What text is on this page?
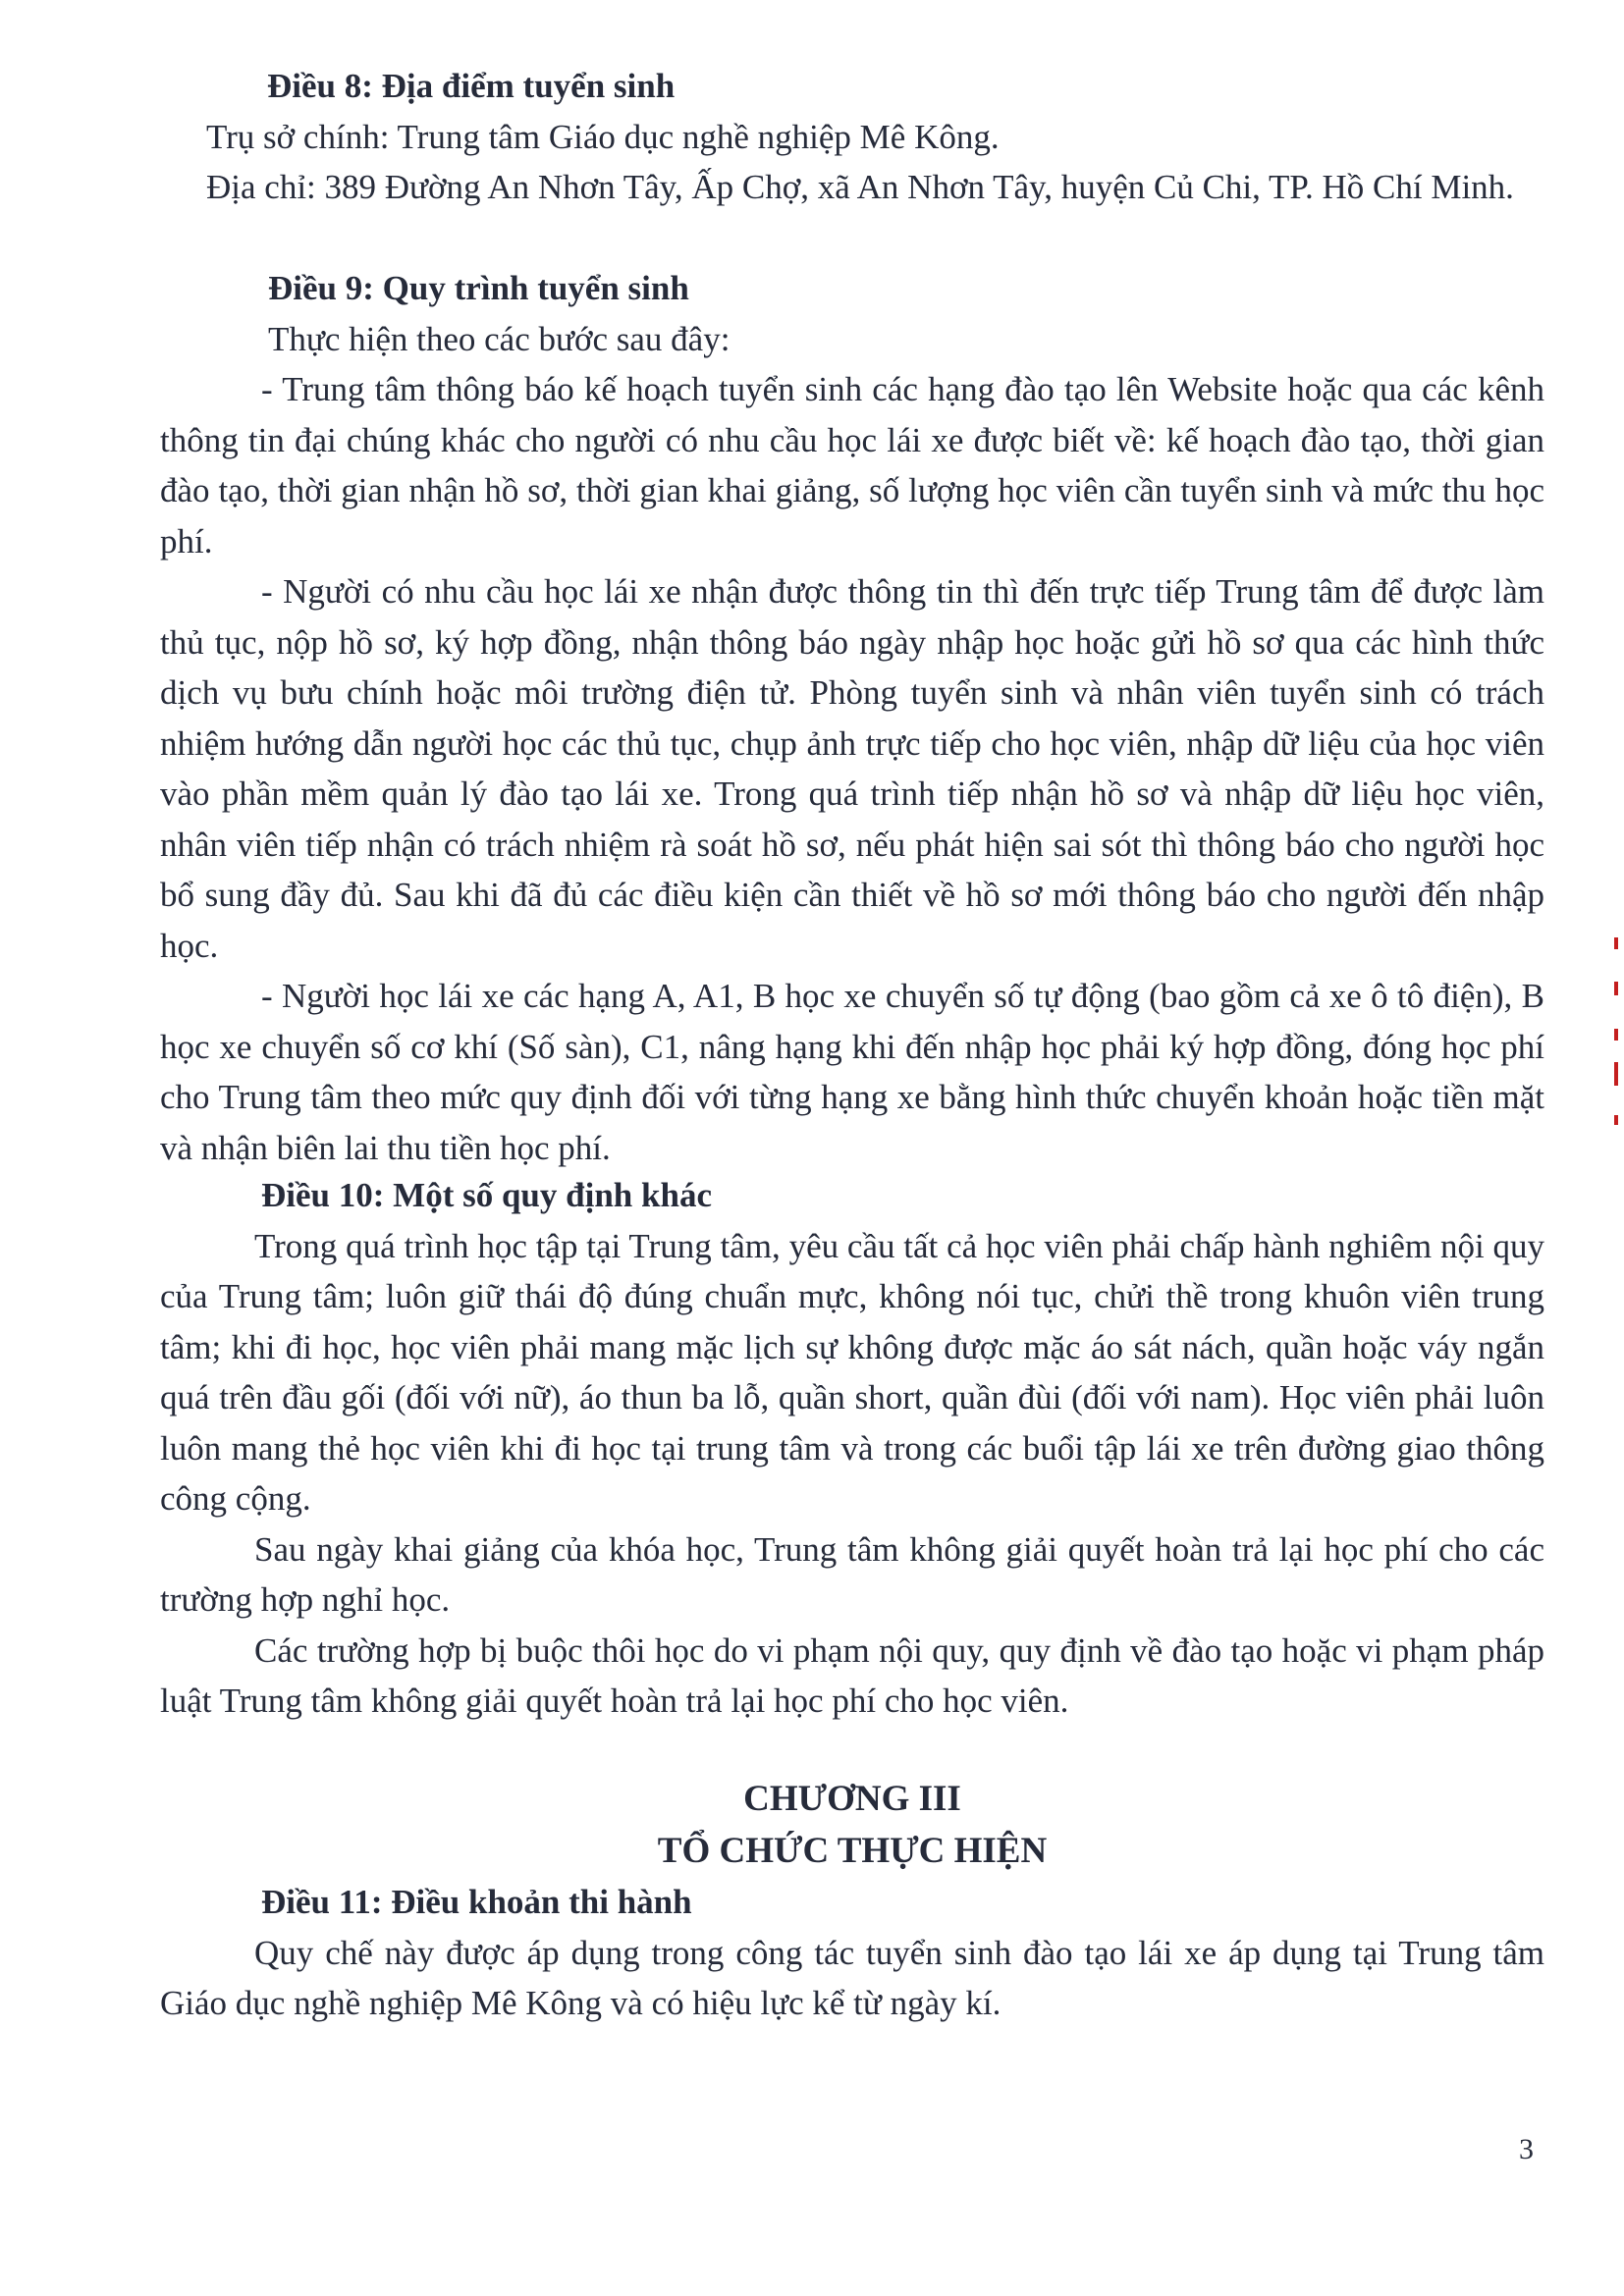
Điều 8: Địa điểm tuyển sinh

Trụ sở chính: Trung tâm Giáo dục nghề nghiệp Mê Kông.

Địa chỉ: 389 Đường An Nhơn Tây, Ấp Chợ, xã An Nhơn Tây, huyện Củ Chi, TP. Hồ Chí Minh.

Điều 9: Quy trình tuyển sinh

Thực hiện theo các bước sau đây:

- Trung tâm thông báo kế hoạch tuyển sinh các hạng đào tạo lên Website hoặc qua các kênh thông tin đại chúng khác cho người có nhu cầu học lái xe được biết về: kế hoạch đào tạo, thời gian đào tạo, thời gian nhận hồ sơ, thời gian khai giảng, số lượng học viên cần tuyển sinh và mức thu học phí.

- Người có nhu cầu học lái xe nhận được thông tin thì đến trực tiếp Trung tâm để được làm thủ tục, nộp hồ sơ, ký hợp đồng, nhận thông báo ngày nhập học hoặc gửi hồ sơ qua các hình thức dịch vụ bưu chính hoặc môi trường điện tử. Phòng tuyển sinh và nhân viên tuyển sinh có trách nhiệm hướng dẫn người học các thủ tục, chụp ảnh trực tiếp cho học viên, nhập dữ liệu của học viên vào phần mềm quản lý đào tạo lái xe. Trong quá trình tiếp nhận hồ sơ và nhập dữ liệu học viên, nhân viên tiếp nhận có trách nhiệm rà soát hồ sơ, nếu phát hiện sai sót thì thông báo cho người học bổ sung đầy đủ. Sau khi đã đủ các điều kiện cần thiết về hồ sơ mới thông báo cho người đến nhập học.

- Người học lái xe các hạng A, A1, B học xe chuyển số tự động (bao gồm cả xe ô tô điện), B học xe chuyển số cơ khí (Số sàn), C1, nâng hạng khi đến nhập học phải ký hợp đồng, đóng học phí cho Trung tâm theo mức quy định đối với từng hạng xe bằng hình thức chuyển khoản hoặc tiền mặt và nhận biên lai thu tiền học phí.

Điều 10: Một số quy định khác

Trong quá trình học tập tại Trung tâm, yêu cầu tất cả học viên phải chấp hành nghiêm nội quy của Trung tâm; luôn giữ thái độ đúng chuẩn mực, không nói tục, chửi thề trong khuôn viên trung tâm; khi đi học, học viên phải mang mặc lịch sự không được mặc áo sát nách, quần hoặc váy ngắn quá trên đầu gối (đối với nữ), áo thun ba lỗ, quần short, quần đùi (đối với nam). Học viên phải luôn luôn mang thẻ học viên khi đi học tại trung tâm và trong các buổi tập lái xe trên đường giao thông công cộng.

Sau ngày khai giảng của khóa học, Trung tâm không giải quyết hoàn trả lại học phí cho các trường hợp nghỉ học.

Các trường hợp bị buộc thôi học do vi phạm nội quy, quy định về đào tạo hoặc vi phạm pháp luật Trung tâm không giải quyết hoàn trả lại học phí cho học viên.

CHƯƠNG III
TỔ CHỨC THỰC HIỆN

Điều 11: Điều khoản thi hành

Quy chế này được áp dụng trong công tác tuyển sinh đào tạo lái xe áp dụng tại Trung tâm Giáo dục nghề nghiệp Mê Kông và có hiệu lực kể từ ngày kí.

3
